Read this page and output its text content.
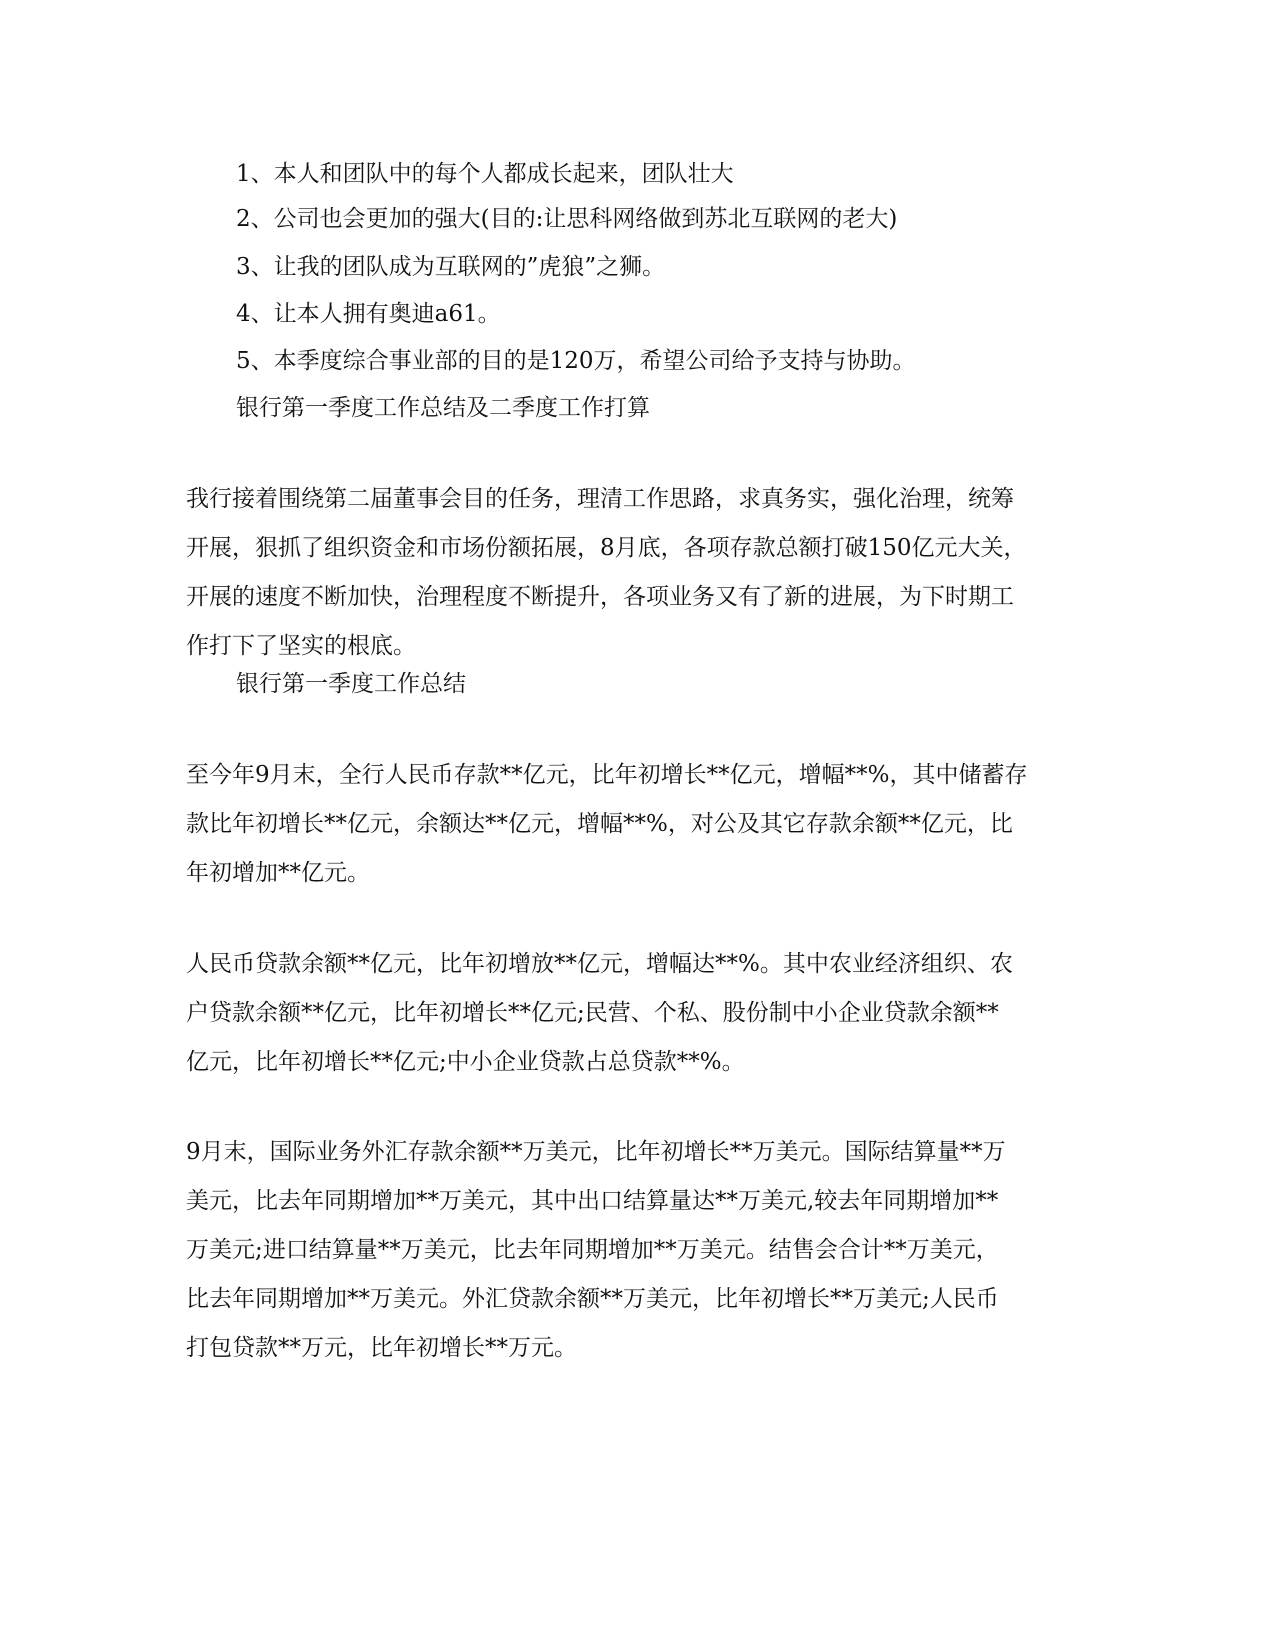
1、本人和团队中的每个人都成长起来，团队壮大
2、公司也会更加的强大(目的:让思科网络做到苏北互联网的老大)
3、让我的团队成为互联网的”虎狼”之狮。
4、让本人拥有奥迪a61。
5、本季度综合事业部的目的是120万，希望公司给予支持与协助。
银行第一季度工作总结及二季度工作打算
我行接着围绕第二届董事会目的任务，理清工作思路，求真务实，强化治理，统筹
开展，狠抓了组织资金和市场份额拓展，8月底，各项存款总额打破150亿元大关，
开展的速度不断加快，治理程度不断提升，各项业务又有了新的进展，为下时期工
作打下了坚实的根底。
银行第一季度工作总结
至今年9月末，全行人民币存款**亿元，比年初增长**亿元，增幅**%，其中储蓄存
款比年初增长**亿元，余额达**亿元，增幅**%，对公及其它存款余额**亿元，比
年初增加**亿元。
人民币贷款余额**亿元，比年初增放**亿元，增幅达**%。其中农业经济组织、农
户贷款余额**亿元，比年初增长**亿元;民营、个私、股份制中小企业贷款余额**
亿元，比年初增长**亿元;中小企业贷款占总贷款**%。
9月末，国际业务外汇存款余额**万美元，比年初增长**万美元。国际结算量**万
美元，比去年同期增加**万美元，其中出口结算量达**万美元,较去年同期增加**
万美元;进口结算量**万美元，比去年同期增加**万美元。结售会合计**万美元，
比去年同期增加**万美元。外汇贷款余额**万美元，比年初增长**万美元;人民币
打包贷款**万元，比年初增长**万元。
